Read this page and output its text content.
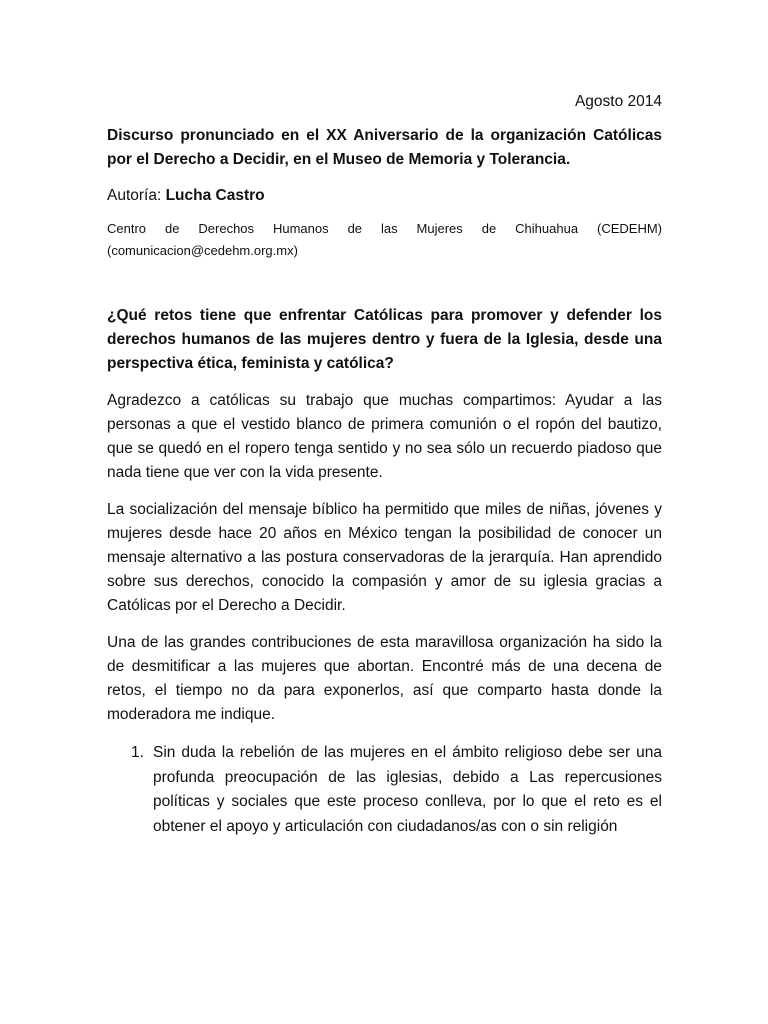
Agosto 2014
Discurso pronunciado en el XX Aniversario de la organización Católicas por el Derecho a Decidir, en el Museo de Memoria y Tolerancia.
Autoría: Lucha Castro
Centro de Derechos Humanos de las Mujeres de Chihuahua (CEDEHM)
(comunicacion@cedehm.org.mx)
¿Qué retos tiene que enfrentar Católicas para promover y defender los derechos humanos de las mujeres dentro y fuera de la Iglesia, desde una perspectiva ética, feminista y católica?

Agradezco a católicas su trabajo que muchas compartimos: Ayudar a las personas a que el vestido blanco de primera comunión o el ropón del bautizo, que se quedó en el ropero tenga sentido y no sea sólo un recuerdo piadoso que nada tiene que ver con la vida presente.

La socialización del mensaje bíblico ha permitido que miles de niñas, jóvenes y mujeres desde hace 20 años en México tengan la posibilidad de conocer un mensaje alternativo a las postura conservadoras de la jerarquía. Han aprendido sobre sus derechos, conocido la compasión y amor de su iglesia gracias a Católicas por el Derecho a Decidir.

Una de las grandes contribuciones de esta maravillosa organización ha sido la de desmitificar a las mujeres que abortan. Encontré más de una decena de retos, el tiempo no da para exponerlos, así que comparto hasta donde la moderadora me indique.

1. Sin duda la rebelión de las mujeres en el ámbito religioso debe ser una profunda preocupación de las iglesias, debido a Las repercusiones políticas y sociales que este proceso conlleva, por lo que el reto es el obtener el apoyo y articulación con ciudadanos/as con o sin religión
